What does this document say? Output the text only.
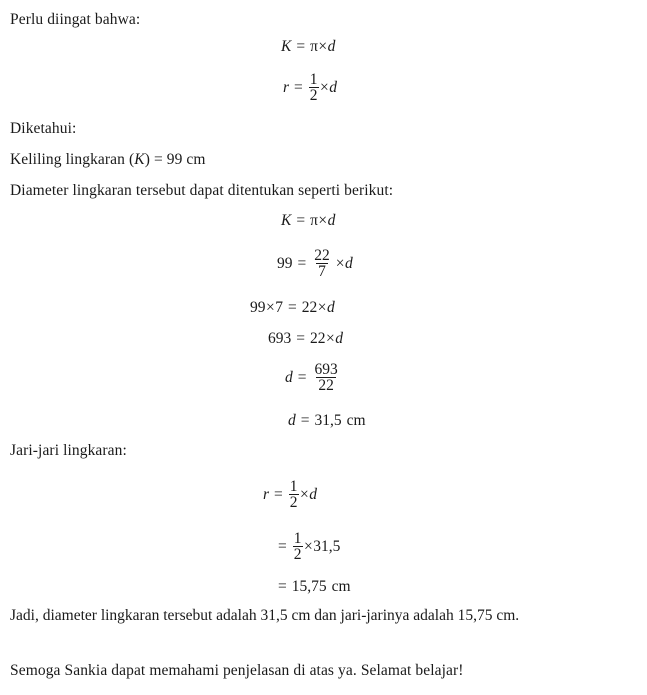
Perlu diingat bahwa:
K = π × d
$r = \frac{1}{2} \times d$
Diketahui:
Keliling lingkaran (K) = 99 cm
Diameter lingkaran tersebut dapat ditentukan seperti berikut:
K = π × d
$99 = \frac{22}{7} \times d$
99 × 7 = 22 × d
693 = 22 × d
$d = \frac{693}{22}$
d = 31,5 cm
Jari-jari lingkaran:
$r = \frac{1}{2} \times d$
= $\frac{1}{2} \times 31,5$
= 15,75 cm
Jadi, diameter lingkaran tersebut adalah 31,5 cm dan jari-jarinya adalah 15,75 cm.
Semoga Sankia dapat memahami penjelasan di atas ya. Selamat belajar!
